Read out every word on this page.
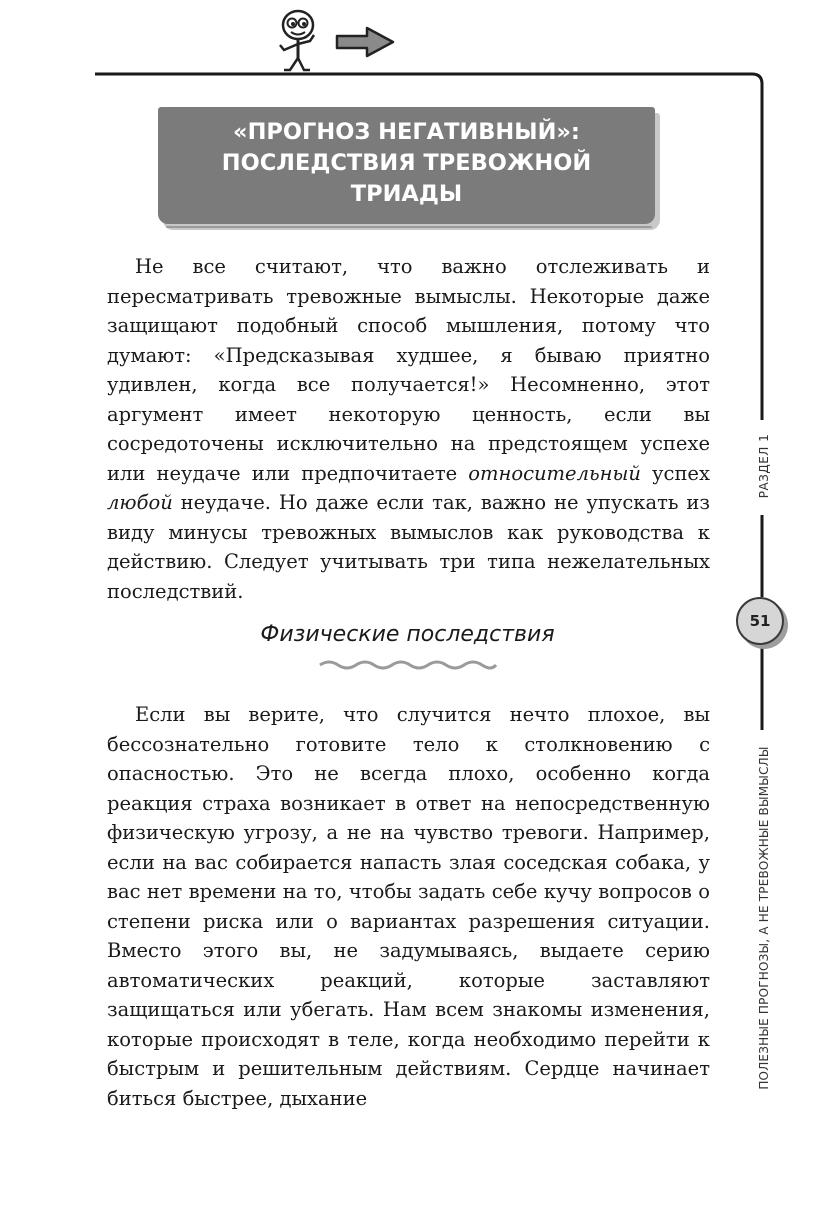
«ПРОГНОЗ НЕГАТИВНЫЙ»:
ПОСЛЕДСТВИЯ ТРЕВОЖНОЙ
ТРИАДЫ

Не все считают, что важно отслеживать и пересматривать тревожные вымыслы. Некоторые даже защищают подобный способ мышления, потому что думают: «Предсказывая худшее, я бываю приятно удивлен, когда все получается!» Несомненно, этот аргумент имеет некоторую ценность, если вы сосредоточены исключительно на предстоящем успехе или неудаче или предпочитаете относительный успех любой неудаче. Но даже если так, важно не упускать из виду минусы тревожных вымыслов как руководства к действию. Следует учитывать три типа нежелательных последствий.

Физические последствия

Если вы верите, что случится нечто плохое, вы бессознательно готовите тело к столкновению с опасностью. Это не всегда плохо, особенно когда реакция страха возникает в ответ на непосредственную физическую угрозу, а не на чувство тревоги. Например, если на вас собирается напасть злая соседская собака, у вас нет времени на то, чтобы задать себе кучу вопросов о степени риска или о вариантах разрешения ситуации. Вместо этого вы, не задумываясь, выдаете серию автоматических реакций, которые заставляют защищаться или убегать. Нам всем знакомы изменения, которые происходят в теле, когда необходимо перейти к быстрым и решительным действиям. Сердце начинает биться быстрее, дыхание

РАЗДЕЛ 1
51
ПОЛЕЗНЫЕ ПРОГНОЗЫ, А НЕ ТРЕВОЖНЫЕ ВЫМЫСЛЫ
